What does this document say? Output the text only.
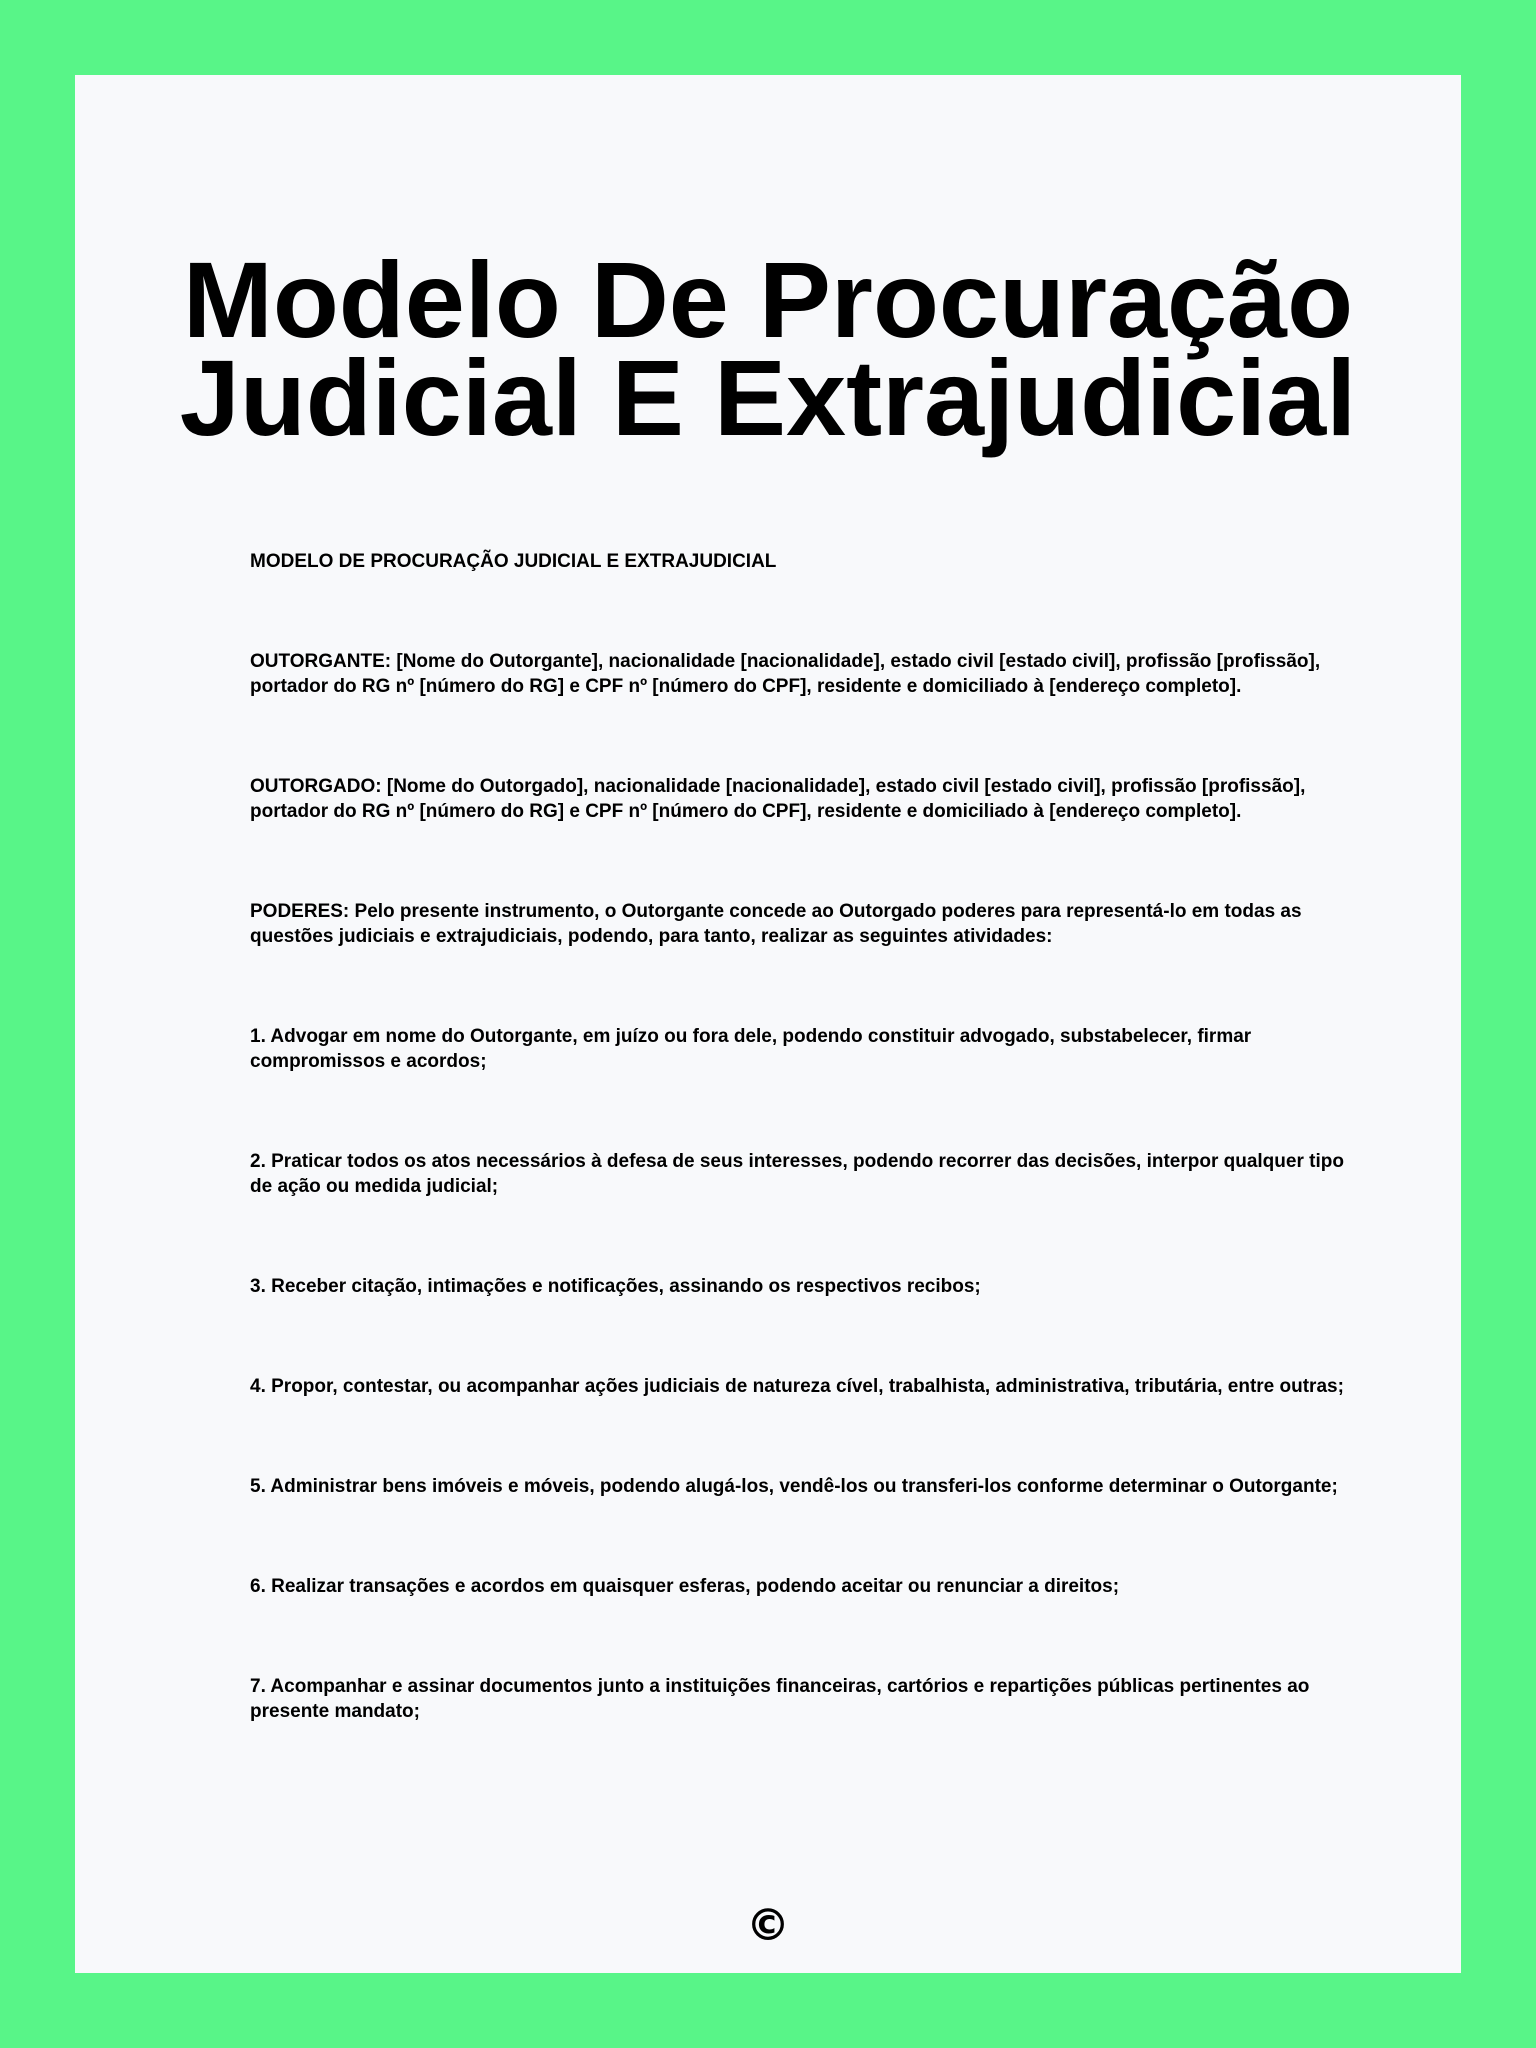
Modelo De Procuração
Judicial E Extrajudicial

MODELO DE PROCURAÇÃO JUDICIAL E EXTRAJUDICIAL

OUTORGANTE: [Nome do Outorgante], nacionalidade [nacionalidade], estado civil [estado civil], profissão [profissão], portador do RG nº [número do RG] e CPF nº [número do CPF], residente e domiciliado à [endereço completo].

OUTORGADO: [Nome do Outorgado], nacionalidade [nacionalidade], estado civil [estado civil], profissão [profissão], portador do RG nº [número do RG] e CPF nº [número do CPF], residente e domiciliado à [endereço completo].

PODERES: Pelo presente instrumento, o Outorgante concede ao Outorgado poderes para representá-lo em todas as questões judiciais e extrajudiciais, podendo, para tanto, realizar as seguintes atividades:

1. Advogar em nome do Outorgante, em juízo ou fora dele, podendo constituir advogado, substabelecer, firmar compromissos e acordos;

2. Praticar todos os atos necessários à defesa de seus interesses, podendo recorrer das decisões, interpor qualquer tipo de ação ou medida judicial;

3. Receber citação, intimações e notificações, assinando os respectivos recibos;

4. Propor, contestar, ou acompanhar ações judiciais de natureza cível, trabalhista, administrativa, tributária, entre outras;

5. Administrar bens imóveis e móveis, podendo alugá-los, vendê-los ou transferi-los conforme determinar o Outorgante;

6. Realizar transações e acordos em quaisquer esferas, podendo aceitar ou renunciar a direitos;

7. Acompanhar e assinar documentos junto a instituições financeiras, cartórios e repartições públicas pertinentes ao presente mandato;

©
